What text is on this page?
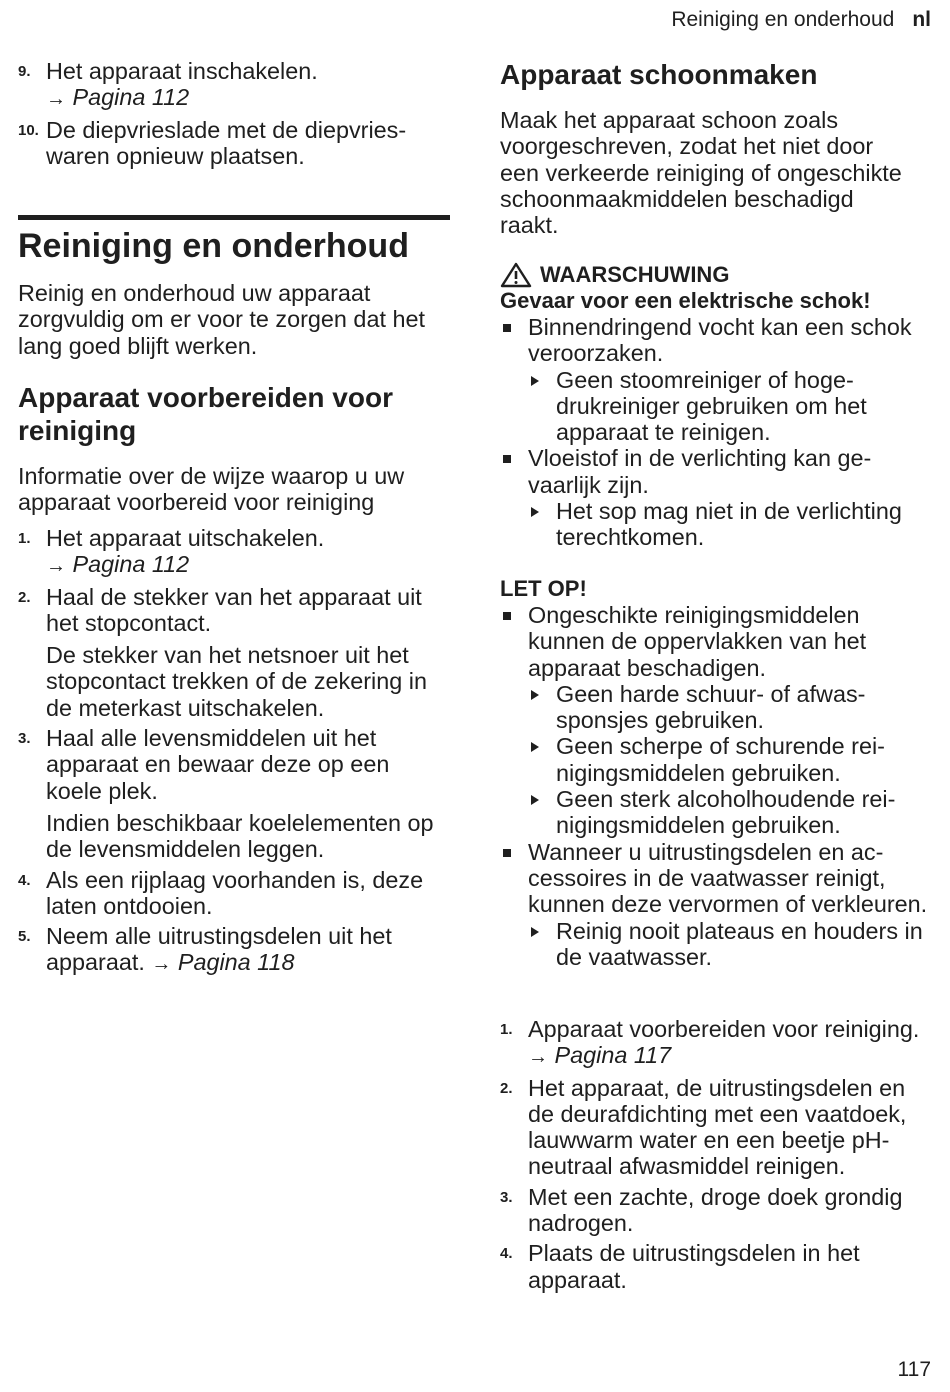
Reiniging en onderhoud nl
9. Het apparaat inschakelen.
→ Pagina 112
10. De diepvrieslade met de diepvrieswaren opnieuw plaatsen.
Reiniging en onderhoud

Reinig en onderhoud uw apparaat zorgvuldig om er voor te zorgen dat het lang goed blijft werken.

Apparaat voorbereiden voor reiniging

Informatie over de wijze waarop u uw apparaat voorbereid voor reiniging

1. Het apparaat uitschakelen.
→ Pagina 112
2. Haal de stekker van het apparaat uit het stopcontact.

De stekker van het netsnoer uit het stopcontact trekken of de zekering in de meterkast uitschakelen.

3. Haal alle levensmiddelen uit het apparaat en bewaar deze op een koele plek.

Indien beschikbaar koelelementen op de levensmiddelen leggen.

4. Als een rijplaag voorhanden is, deze laten ontdooien.
5. Neem alle uitrustingsdelen uit het apparaat. → Pagina 118
Apparaat schoonmaken

Maak het apparaat schoon zoals voorgeschreven, zodat het niet door een verkeerde reiniging of ongeschikte schoonmaakmiddelen beschadigd raakt.

WAARSCHUWING
Gevaar voor een elektrische schok!
Binnendringend vocht kan een schok veroorzaken.
Geen stoomreiniger of hogedrukreiniger gebruiken om het apparaat te reinigen.
Vloeistof in de verlichting kan gevaarlijk zijn.
Het sop mag niet in de verlichting terechtkomen.
LET OP!
Ongeschikte reinigingsmiddelen kunnen de oppervlakken van het apparaat beschadigen.
Geen harde schuur- of afwassponsjes gebruiken.
Geen scherpe of schurende reinigingsmiddelen gebruiken.
Geen sterk alcoholhoudende reinigingsmiddelen gebruiken.
Wanneer u uitrustingsdelen en accessoires in de vaatwasser reinigt, kunnen deze vervormen of verkleuren.
Reinig nooit plateaus en houders in de vaatwasser.
1. Apparaat voorbereiden voor reiniging. → Pagina 117
2. Het apparaat, de uitrustingsdelen en de deurafdichting met een vaatdoek, lauwwarm water en een beetje pH-neutraal afwasmiddel reinigen.
3. Met een zachte, droge doek grondig nadrogen.
4. Plaats de uitrustingsdelen in het apparaat.
117
